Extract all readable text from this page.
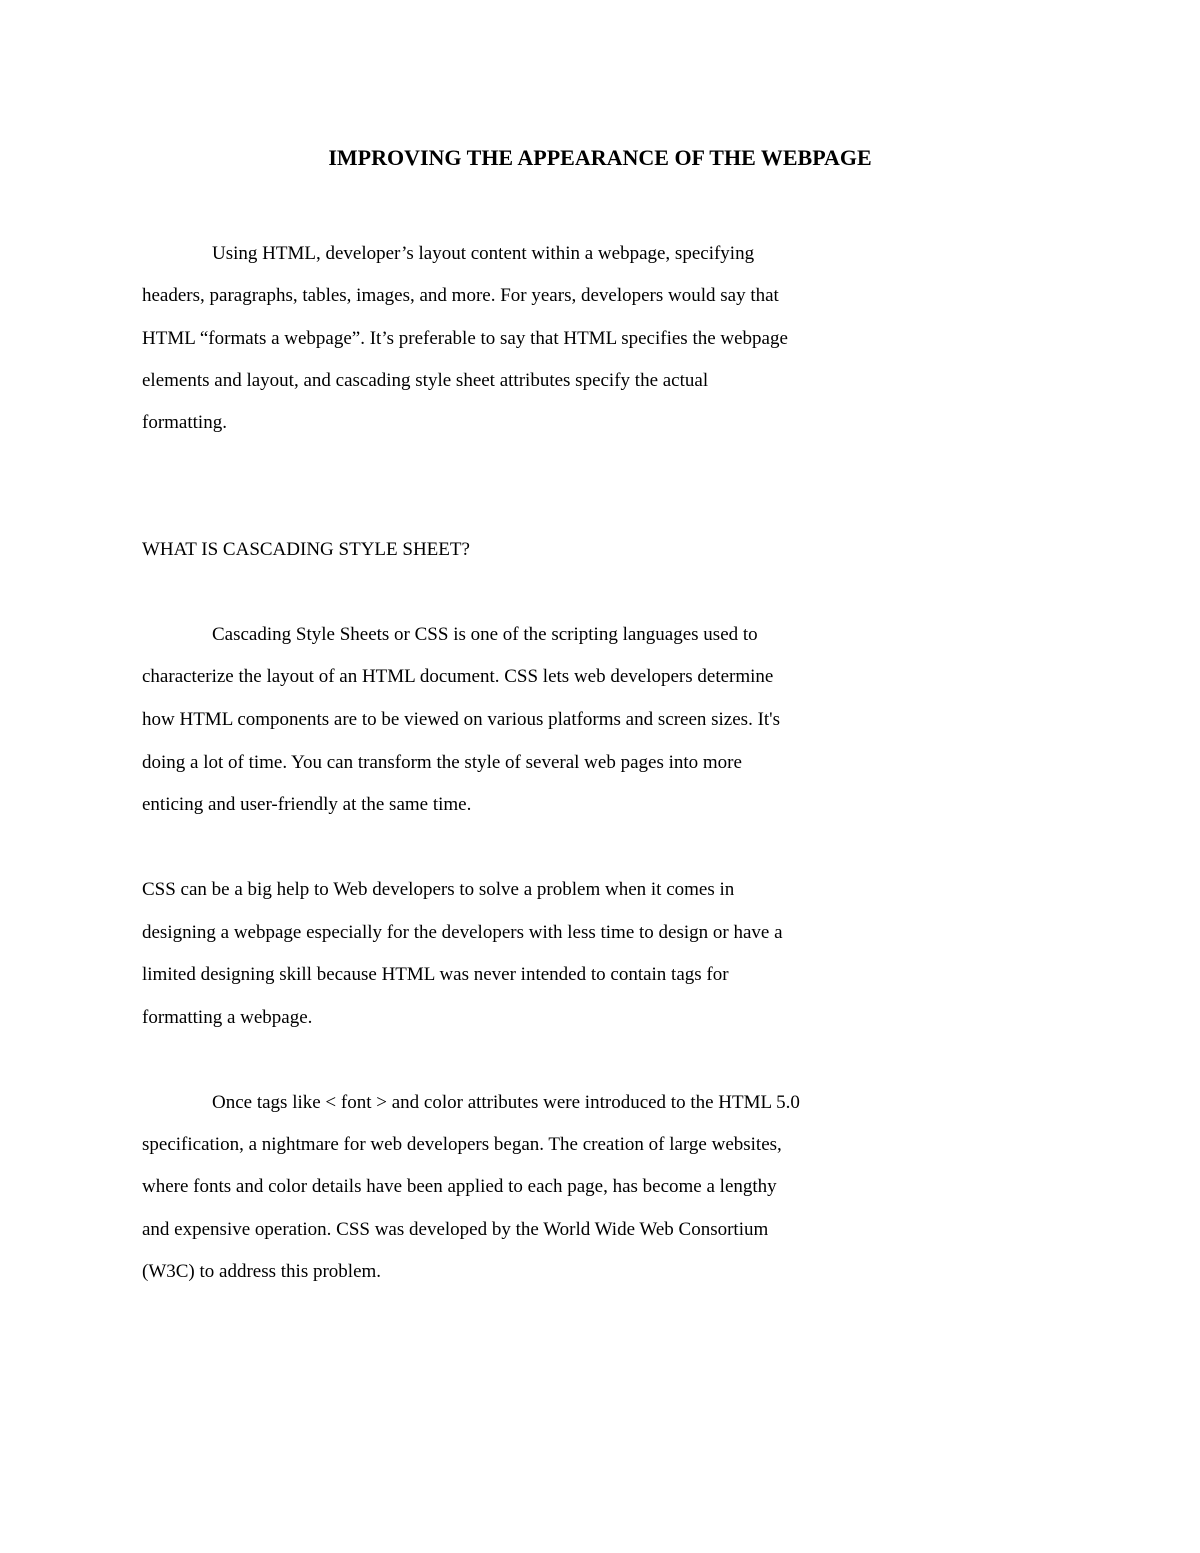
IMPROVING THE APPEARANCE OF THE WEBPAGE

Using HTML, developer’s layout content within a webpage, specifying

headers, paragraphs, tables, images, and more. For years, developers would say that

HTML “formats a webpage”. It’s preferable to say that HTML specifies the webpage

elements and layout, and cascading style sheet attributes specify the actual

formatting.

WHAT IS CASCADING STYLE SHEET?

Cascading Style Sheets or CSS is one of the scripting languages used to

characterize the layout of an HTML document. CSS lets web developers determine

how HTML components are to be viewed on various platforms and screen sizes. It's

doing a lot of time. You can transform the style of several web pages into more

enticing and user-friendly at the same time.

CSS can be a big help to Web developers to solve a problem when it comes in

designing a webpage especially for the developers with less time to design or have a

limited designing skill because HTML was never intended to contain tags for

formatting a webpage.

Once tags like < font > and color attributes were introduced to the HTML 5.0

specification, a nightmare for web developers began. The creation of large websites,

where fonts and color details have been applied to each page, has become a lengthy

and expensive operation. CSS was developed by the World Wide Web Consortium

(W3C) to address this problem.
